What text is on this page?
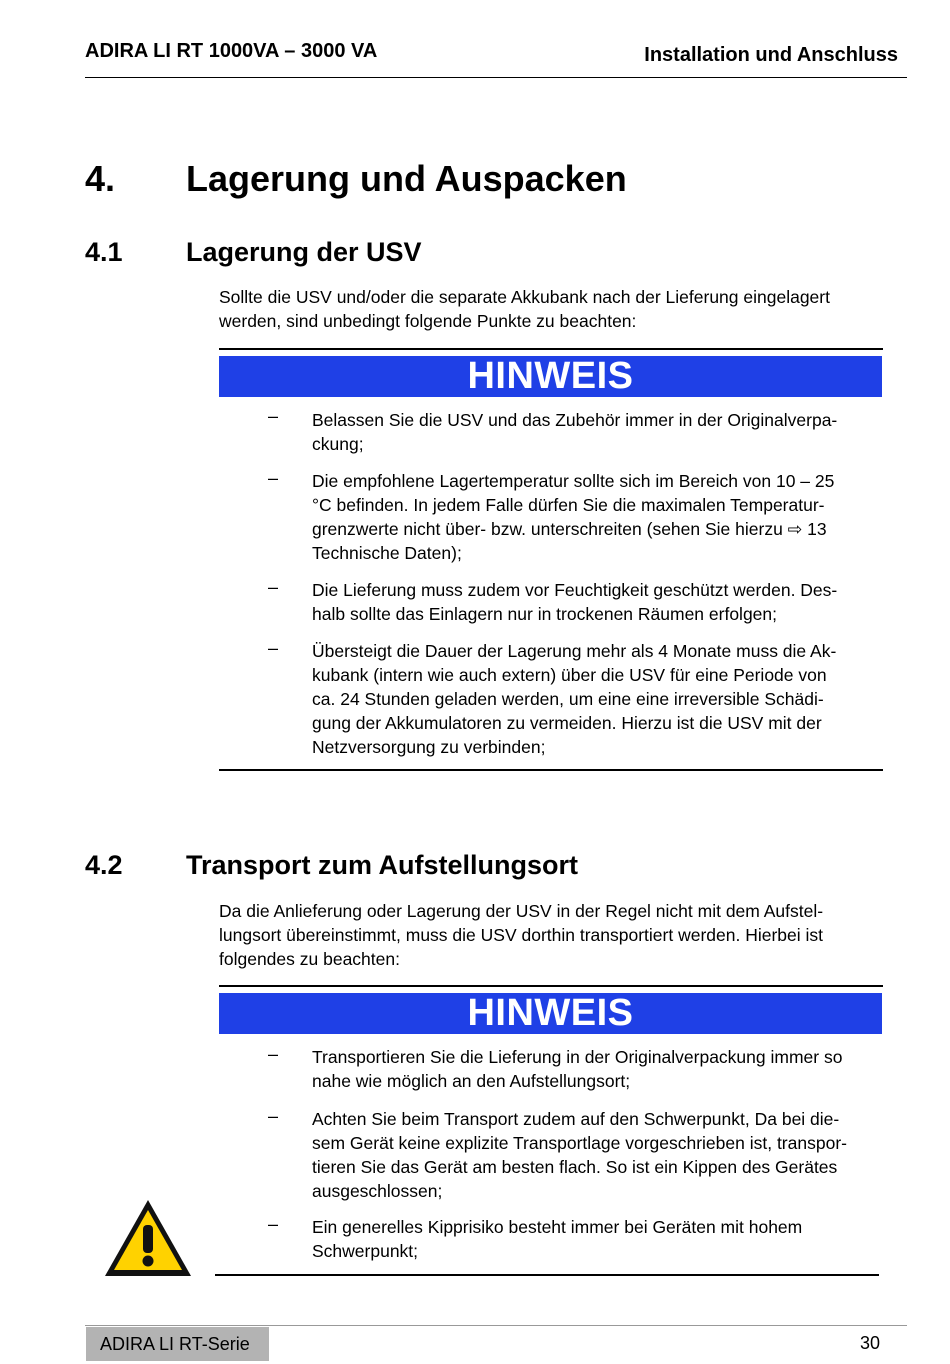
ADIRA LI RT 1000VA – 3000 VA	Installation und Anschluss
4. Lagerung und Auspacken
4.1 Lagerung der USV
Sollte die USV und/oder die separate Akkubank nach der Lieferung eingelagert
werden, sind unbedingt folgende Punkte zu beachten:
HINWEIS
– Belassen Sie die USV und das Zubehör immer in der Originalverpa-
ckung;
– Die empfohlene Lagertemperatur sollte sich im Bereich von 10 – 25
°C befinden. In jedem Falle dürfen Sie die maximalen Temperatur-
grenzwerte nicht über- bzw. unterschreiten (sehen Sie hierzu ⇨ 13
Technische Daten);
– Die Lieferung muss zudem vor Feuchtigkeit geschützt werden. Des-
halb sollte das Einlagern nur in trockenen Räumen erfolgen;
– Übersteigt die Dauer der Lagerung mehr als 4 Monate muss die Ak-
kubank (intern wie auch extern) über die USV für eine Periode von
ca. 24 Stunden geladen werden, um eine eine irreversible Schädi-
gung der Akkumulatoren zu vermeiden. Hierzu ist die USV mit der
Netzversorgung zu verbinden;
4.2 Transport zum Aufstellungsort
Da die Anlieferung oder Lagerung der USV in der Regel nicht mit dem Aufstel-
lungsort übereinstimmt, muss die USV dorthin transportiert werden. Hierbei ist
folgendes zu beachten:
HINWEIS
– Transportieren Sie die Lieferung in der Originalverpackung immer so
nahe wie möglich an den Aufstellungsort;
– Achten Sie beim Transport zudem auf den Schwerpunkt, Da bei die-
sem Gerät keine explizite Transportlage vorgeschrieben ist, transpor-
tieren Sie das Gerät am besten flach. So ist ein Kippen des Gerätes
ausgeschlossen;
– Ein generelles Kipprisiko besteht immer bei Geräten mit hohem
Schwerpunkt;
ADIRA LI RT-Serie	30
